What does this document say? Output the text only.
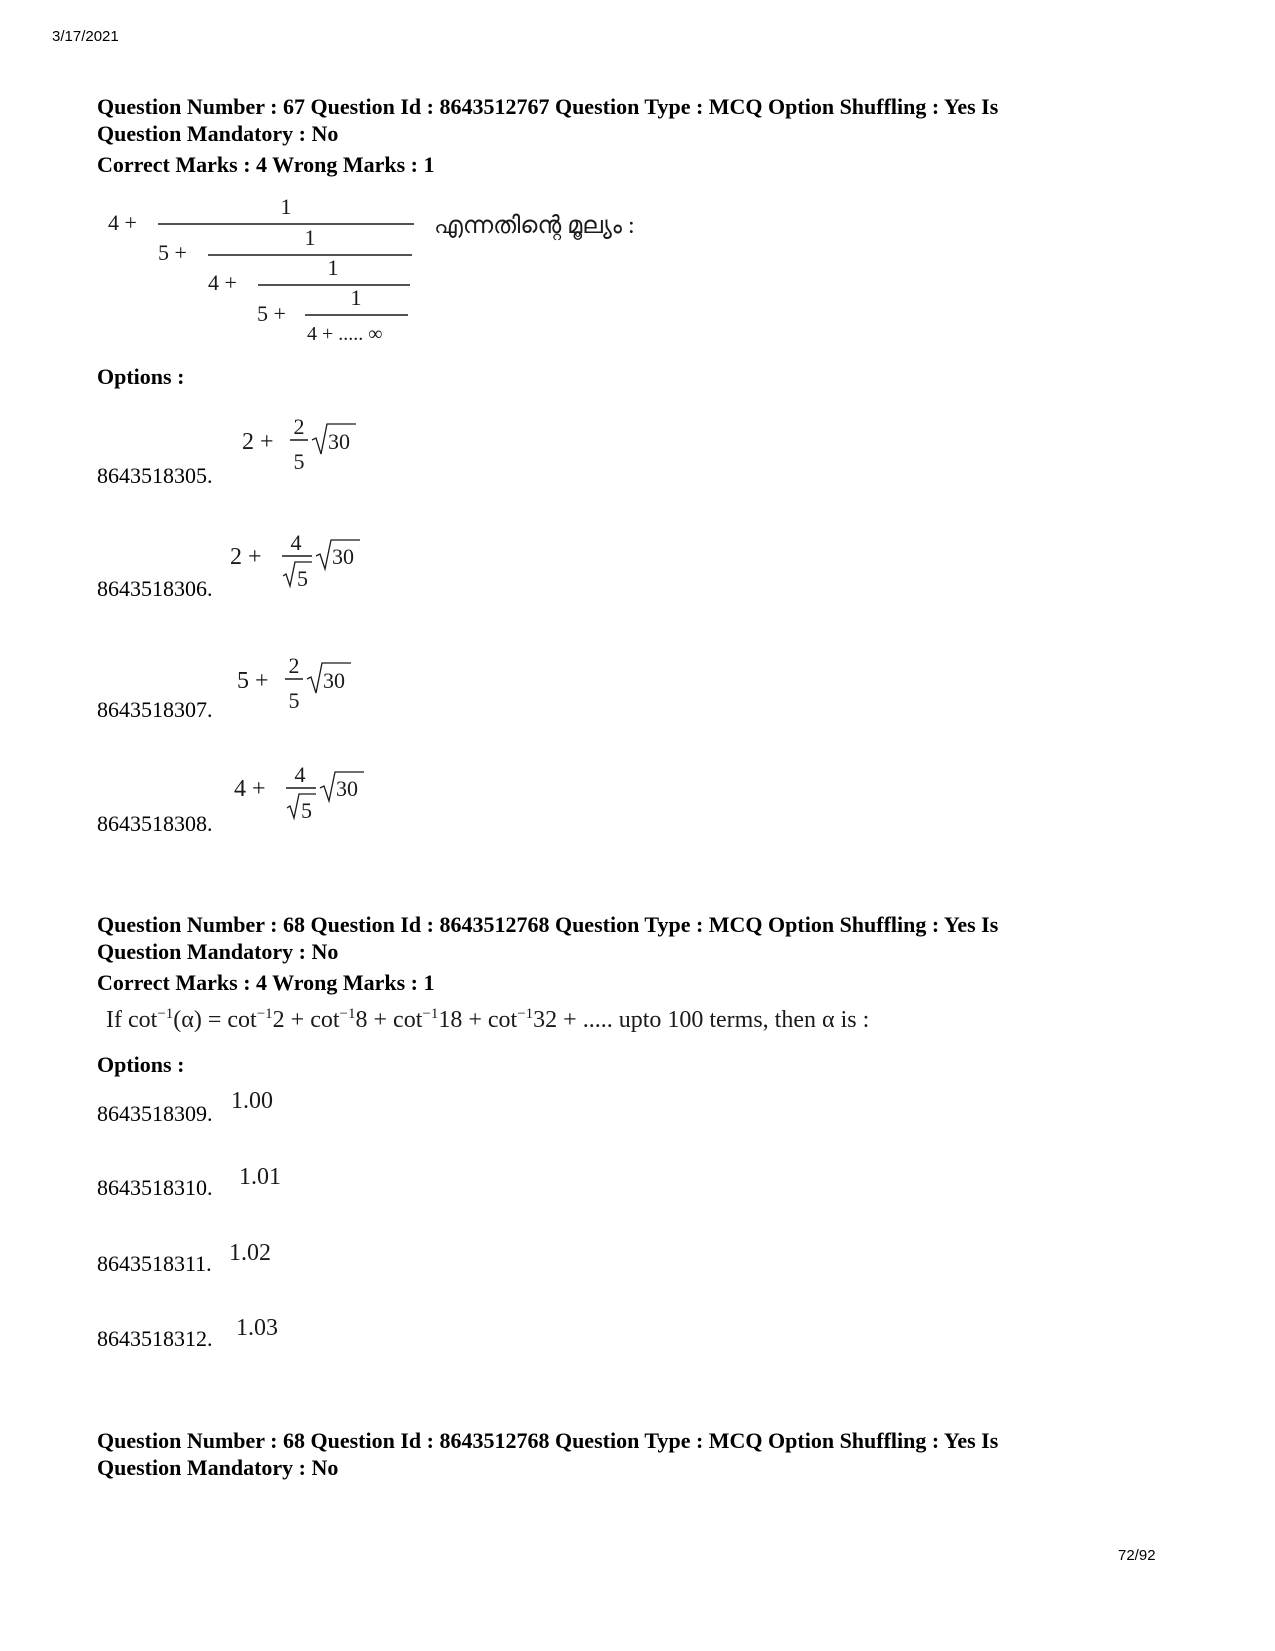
3/17/2021
72/92
Question Number : 67 Question Id : 8643512767 Question Type : MCQ Option Shuffling : Yes Is
Question Mandatory : No
Correct Marks : 4 Wrong Marks : 1
4 +
1
5 +
1
4 +
1
5 +
1
4 + ..... ∞
എന്നതിന്റെ മൂല്യം :
Options :
8643518305.
2 +
2
5
30
8643518306.
2 +
4
5
30
8643518307.
5 +
2
5
30
8643518308.
4 +
4
5
30
Question Number : 68 Question Id : 8643512768 Question Type : MCQ Option Shuffling : Yes Is
Question Mandatory : No
Correct Marks : 4 Wrong Marks : 1
If $\cot^{-1}(\alpha) = \cot^{-1}2 + \cot^{-1}8 + \cot^{-1}18 + \cot^{-1}32$ + ..... upto 100 terms, then α is :
Options :
8643518309. 1.00
8643518310. 1.01
8643518311. 1.02
8643518312. 1.03
Question Number : 68 Question Id : 8643512768 Question Type : MCQ Option Shuffling : Yes Is
Question Mandatory : No
